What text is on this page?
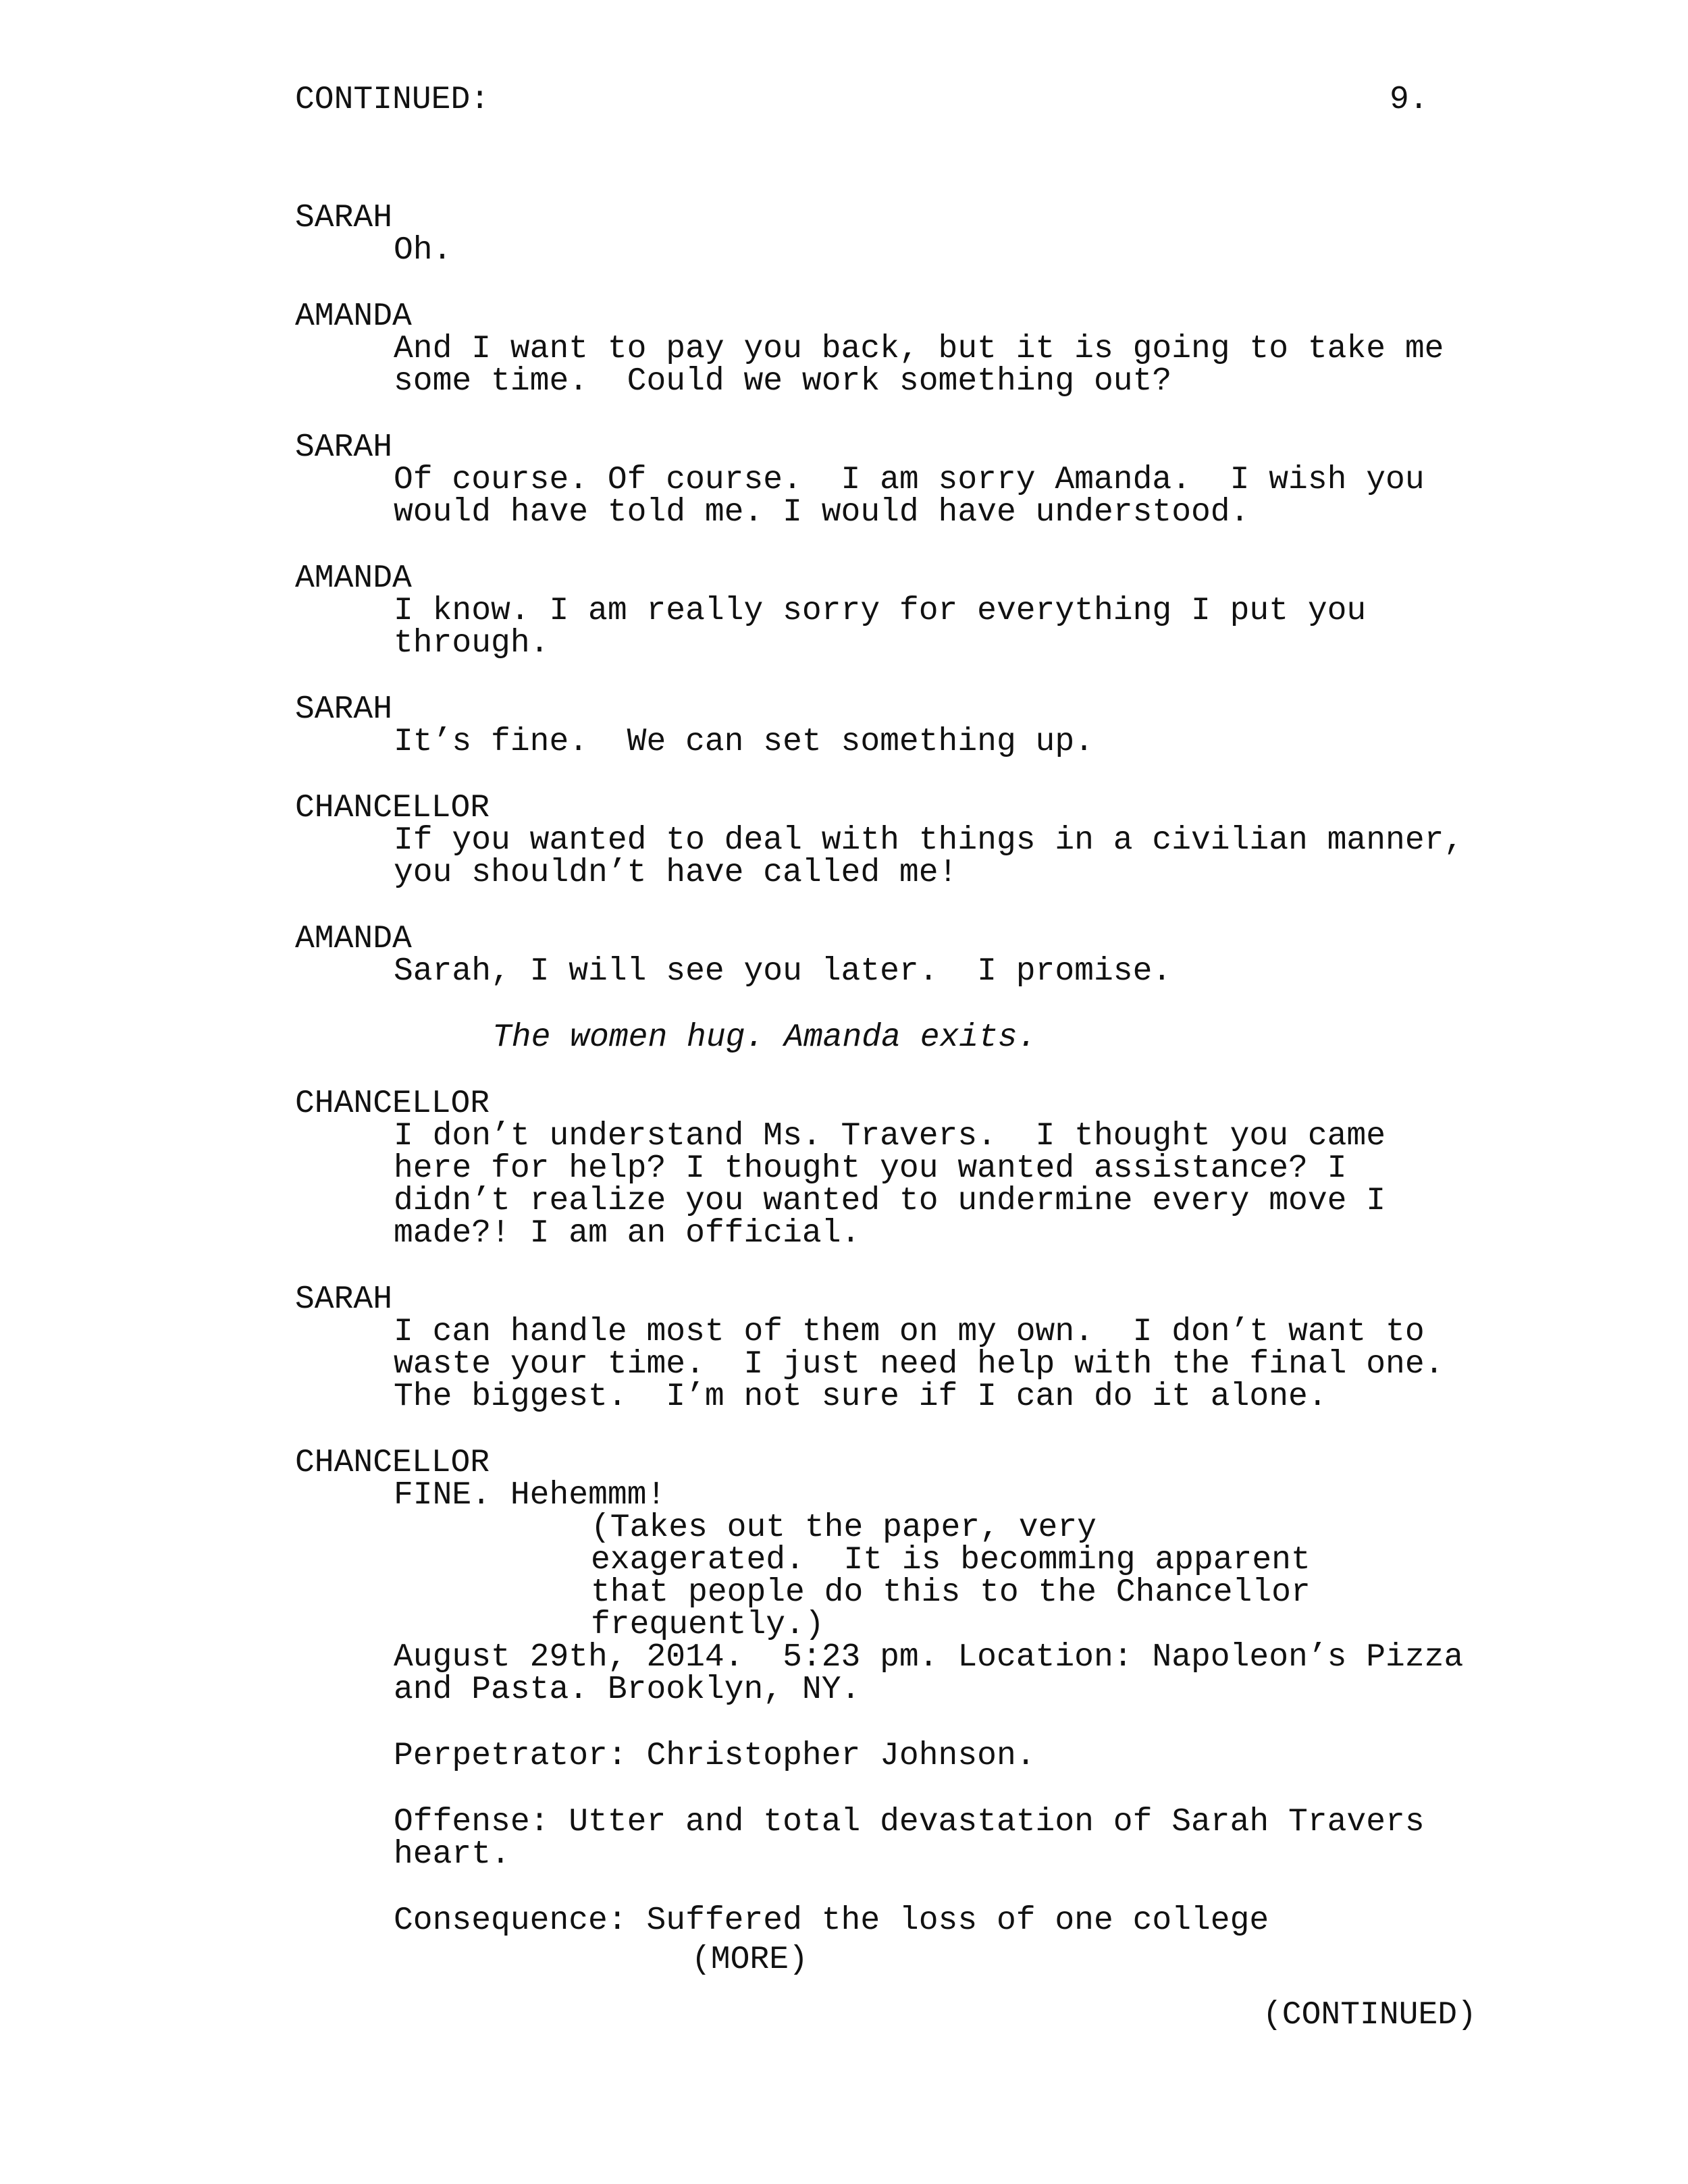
CONTINUED:	9.
SARAH
Oh.
AMANDA
And I want to pay you back, but it is going to take me
some time.  Could we work something out?
SARAH
Of course. Of course.  I am sorry Amanda.  I wish you
would have told me. I would have understood.
AMANDA
I know. I am really sorry for everything I put you
through.
SARAH
It’s fine.  We can set something up.
CHANCELLOR
If you wanted to deal with things in a civilian manner,
you shouldn’t have called me!
AMANDA
Sarah, I will see you later.  I promise.
The women hug. Amanda exits.
CHANCELLOR
I don’t understand Ms. Travers.  I thought you came
here for help? I thought you wanted assistance? I
didn’t realize you wanted to undermine every move I
made?! I am an official.
SARAH
I can handle most of them on my own.  I don’t want to
waste your time.  I just need help with the final one.
The biggest.  I’m not sure if I can do it alone.
CHANCELLOR
FINE. Hehemmm!
(Takes out the paper, very
exagerated.  It is becomming apparent
that people do this to the Chancellor
frequently.)
August 29th, 2014.  5:23 pm. Location: Napoleon’s Pizza
and Pasta. Brooklyn, NY.
Perpetrator: Christopher Johnson.
Offense: Utter and total devastation of Sarah Travers
heart.
Consequence: Suffered the loss of one college
(MORE)
(CONTINUED)
